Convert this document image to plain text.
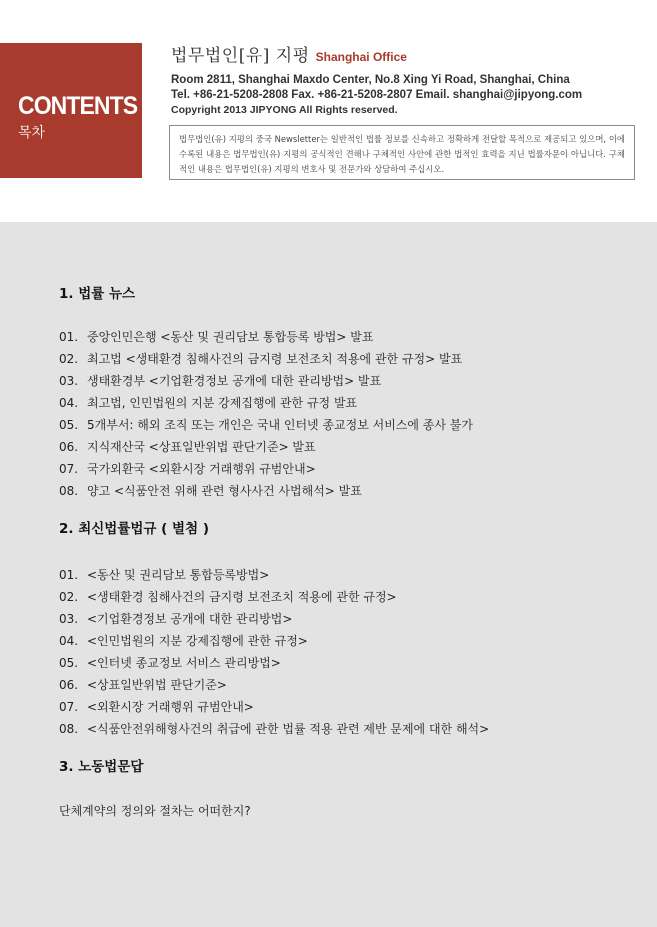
CONTENTS
목차
법무법인[유] 지평 Shanghai Office
Room 2811, Shanghai Maxdo Center, No.8 Xing Yi Road, Shanghai, China
Tel. +86-21-5208-2808 Fax. +86-21-5208-2807 Email. shanghai@jipyong.com
Copyright 2013 JIPYONG All Rights reserved.
법무법인(유) 지평의 중국 Newsletter는 일반적인 법률 정보를 신속하고 정확하게 전달할 목적으로 제공되고 있으며, 이에 수록된 내용은 법무법인(유) 지평의 공식적인 견해나 구체적인 사안에 관한 법적인 효력을 지닌 법률자문이 아닙니다. 구체적인 내용은 법무법인(유) 지평의 변호사 및 전문가와 상담하여 주십시오.
1. 법률 뉴스
01. 중앙인민은행 <동산 및 권리담보 통합등록 방법> 발표
02. 최고법 <생태환경 침해사건의 금지령 보전조치 적용에 관한 규정> 발표
03. 생태환경부 <기업환경정보 공개에 대한 관리방법> 발표
04. 최고법, 인민법원의 지분 강제집행에 관한 규정 발표
05. 5개부서: 해외 조직 또는 개인은 국내 인터넷 종교정보 서비스에 종사 불가
06. 지식재산국 <상표일반위법 판단기준> 발표
07. 국가외환국 <외환시장 거래행위 규범안내>
08. 양고 <식품안전 위해 관련 형사사건 사법해석> 발표
2. 최신법률법규 ( 별첨 )
01. <동산 및 권리담보 통합등록방법>
02. <생태환경 침해사건의 금지령 보전조치 적용에 관한 규정>
03. <기업환경정보 공개에 대한 관리방법>
04. <인민법원의 지분 강제집행에 관한 규정>
05. <인터넷 종교정보 서비스 관리방법>
06. <상표일반위법 판단기준>
07. <외환시장 거래행위 규범안내>
08. <식품안전위해형사건의 취급에 관한 법률 적용 관련 제반 문제에 대한 해석>
3. 노동법문답
단체계약의 정의와 절차는 어떠한지?
